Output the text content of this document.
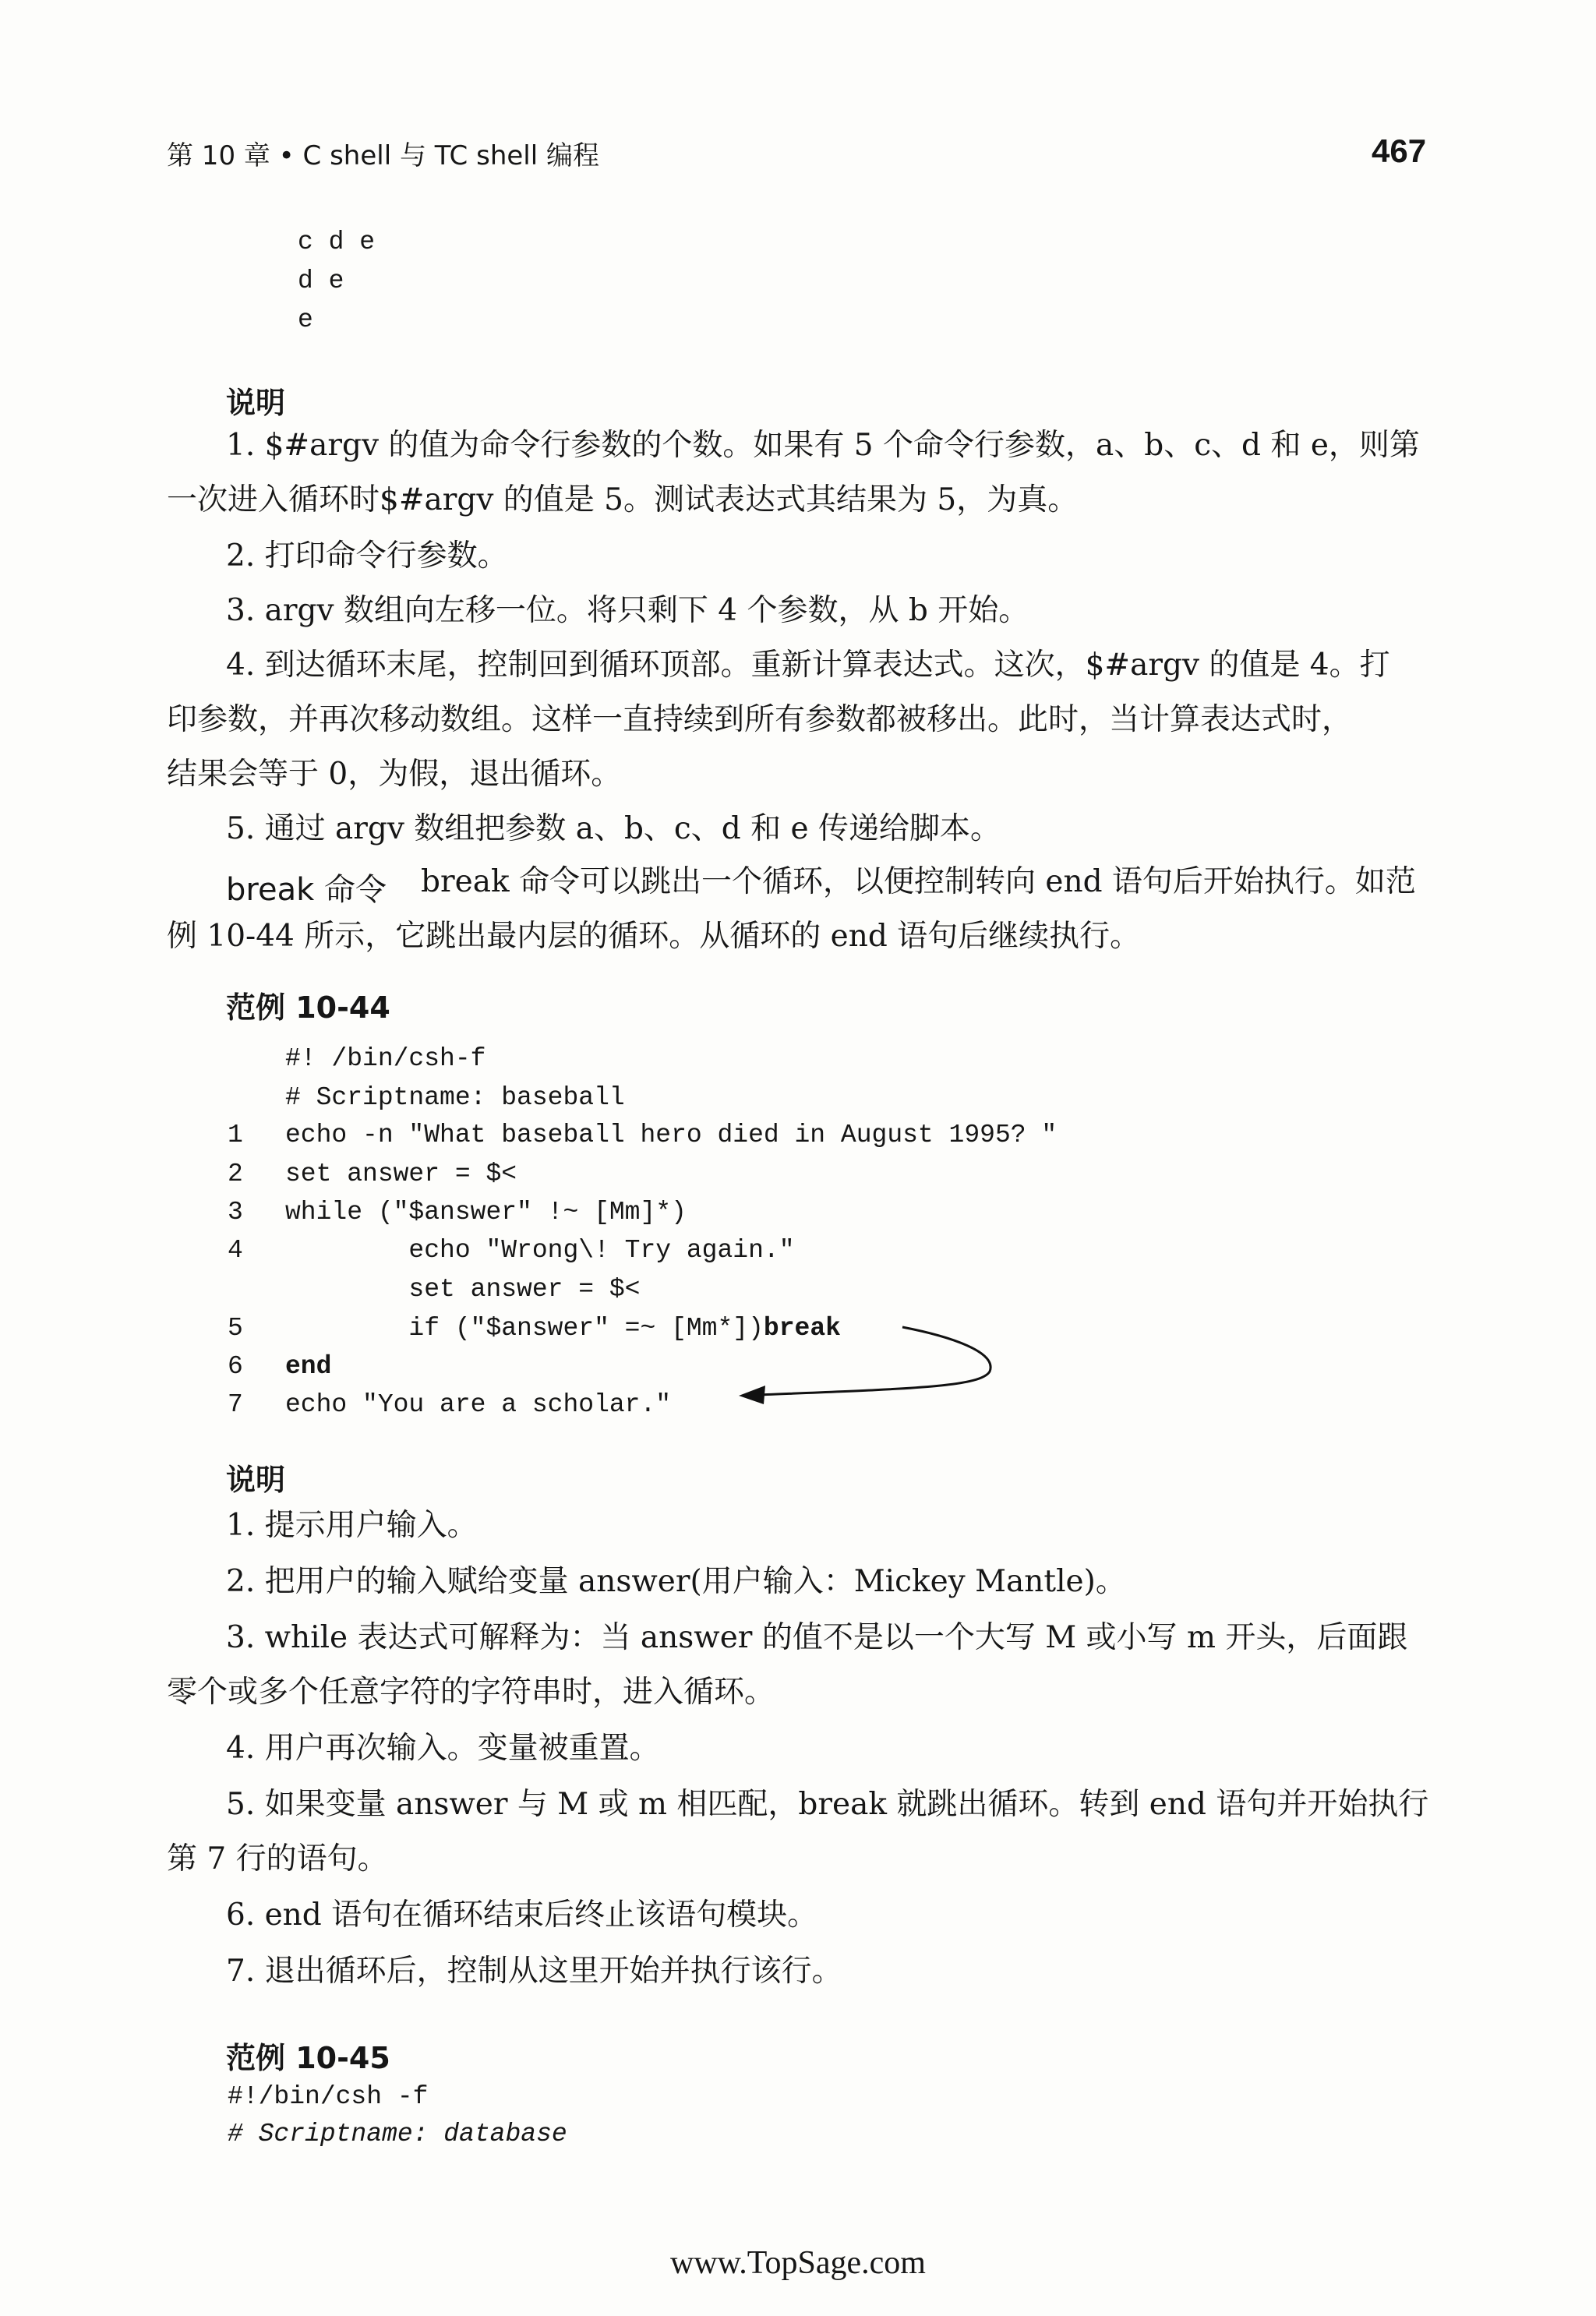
第 10 章 • C shell 与 TC shell 编程	467
c d e
d e
e
说明
1. $#argv 的值为命令行参数的个数。如果有 5 个命令行参数，a、b、c、d 和 e，则第
一次进入循环时$#argv 的值是 5。测试表达式其结果为 5，为真。
2. 打印命令行参数。
3. argv 数组向左移一位。将只剩下 4 个参数，从 b 开始。
4. 到达循环末尾，控制回到循环顶部。重新计算表达式。这次，$#argv 的值是 4。打
印参数，并再次移动数组。这样一直持续到所有参数都被移出。此时，当计算表达式时，
结果会等于 0，为假，退出循环。
5. 通过 argv 数组把参数 a、b、c、d 和 e 传递给脚本。
break 命令 break 命令可以跳出一个循环，以便控制转向 end 语句后开始执行。如范
例 10-44 所示，它跳出最内层的循环。从循环的 end 语句后继续执行。
范例 10-44
#! /bin/csh-f
# Scriptname: baseball
1 echo -n "What baseball hero died in August 1995? "
2 set answer = $<
3 while ("$answer" !~ [Mm]*)
4 echo "Wrong\! Try again."
set answer = $<
5 if ("$answer" =~ [Mm*])break
6 end
7 echo "You are a scholar."
说明
1. 提示用户输入。
2. 把用户的输入赋给变量 answer(用户输入：Mickey Mantle)。
3. while 表达式可解释为：当 answer 的值不是以一个大写 M 或小写 m 开头，后面跟
零个或多个任意字符的字符串时，进入循环。
4. 用户再次输入。变量被重置。
5. 如果变量 answer 与 M 或 m 相匹配，break 就跳出循环。转到 end 语句并开始执行
第 7 行的语句。
6. end 语句在循环结束后终止该语句模块。
7. 退出循环后，控制从这里开始并执行该行。
范例 10-45
#!/bin/csh -f
# Scriptname: database
www.TopSage.com
